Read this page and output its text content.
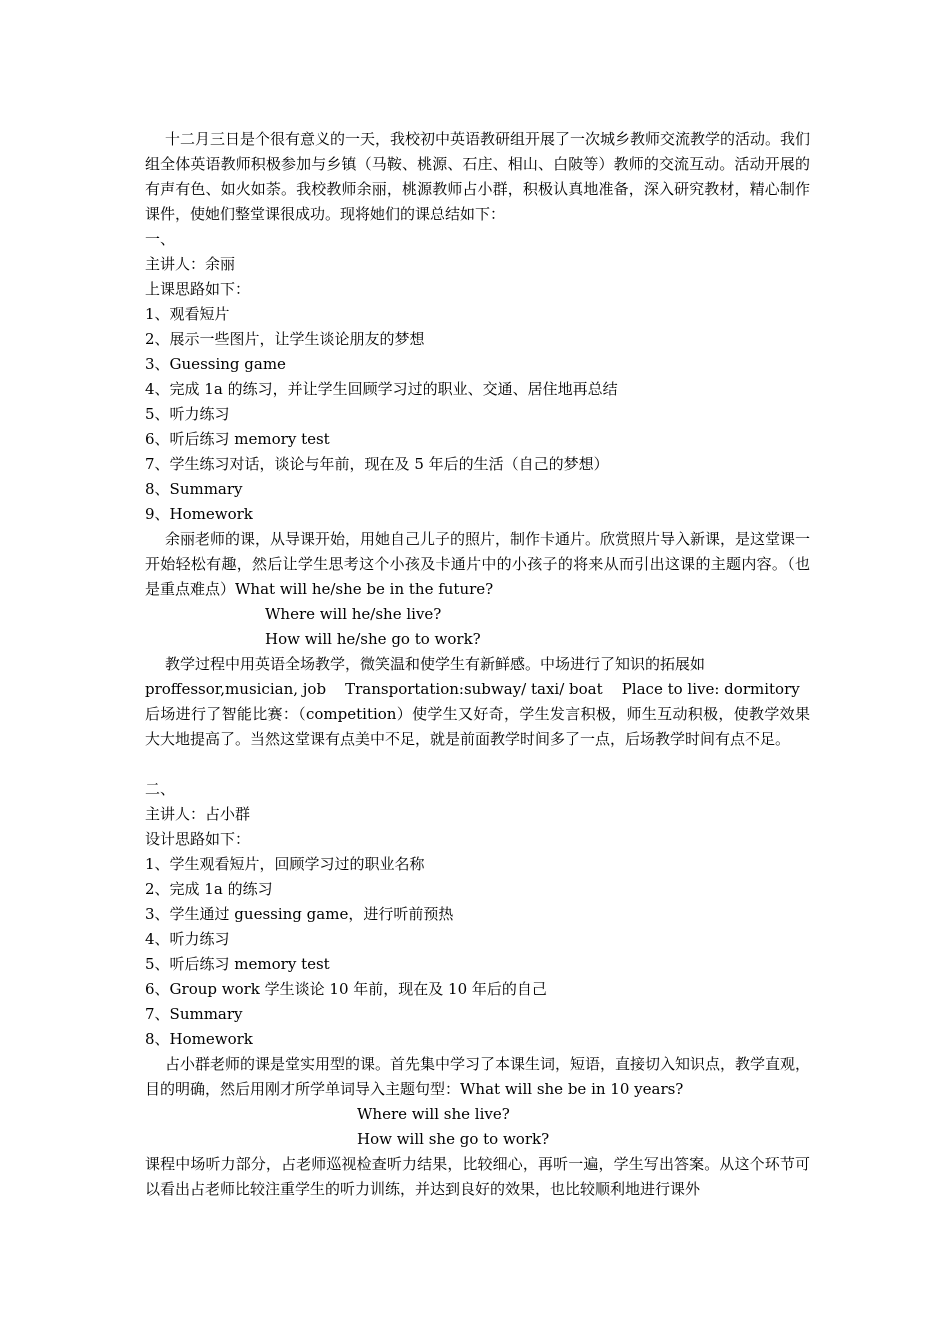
十二月三日是个很有意义的一天，我校初中英语教研组开展了一次城乡教师交流教学的活动。我们组全体英语教师积极参加与乡镇（马鞍、桃源、石庄、相山、白陂等）教师的交流互动。活动开展的有声有色、如火如荼。我校教师余丽，桃源教师占小群，积极认真地准备，深入研究教材，精心制作课件，使她们整堂课很成功。现将她们的课总结如下：

一、
主讲人：余丽
上课思路如下：
1、观看短片
2、展示一些图片，让学生谈论朋友的梦想
3、Guessing game
4、完成 1a 的练习，并让学生回顾学习过的职业、交通、居住地再总结
5、听力练习
6、听后练习 memory test
7、学生练习对话，谈论与年前，现在及 5 年后的生活（自己的梦想）
8、Summary
9、Homework

余丽老师的课，从导课开始，用她自己儿子的照片，制作卡通片。欣赏照片导入新课，是这堂课一开始轻松有趣，然后让学生思考这个小孩及卡通片中的小孩子的将来从而引出这课的主题内容。（也是重点难点）What will he/she be in the future?

Where will he/she live?
How will he/she go to work?

教学过程中用英语全场教学，微笑温和使学生有新鲜感。中场进行了知识的拓展如

proffessor,musician, job    Transportation:subway/ taxi/ boat    Place to live: dormitory

后场进行了智能比赛：（competition）使学生又好奇，学生发言积极，师生互动积极，使教学效果大大地提高了。当然这堂课有点美中不足，就是前面教学时间多了一点，后场教学时间有点不足。

二、
主讲人：占小群
设计思路如下：
1、学生观看短片，回顾学习过的职业名称
2、完成 1a 的练习
3、学生通过 guessing game，进行听前预热
4、听力练习
5、听后练习 memory test
6、Group work 学生谈论 10 年前，现在及 10 年后的自己
7、Summary
8、Homework

占小群老师的课是堂实用型的课。首先集中学习了本课生词，短语，直接切入知识点，教学直观，目的明确，然后用刚才所学单词导入主题句型：What will she be in 10 years?

Where will she live?
How will she go to work?

课程中场听力部分，占老师巡视检查听力结果，比较细心，再听一遍，学生写出答案。从这个环节可以看出占老师比较注重学生的听力训练，并达到良好的效果，也比较顺利地进行课外
